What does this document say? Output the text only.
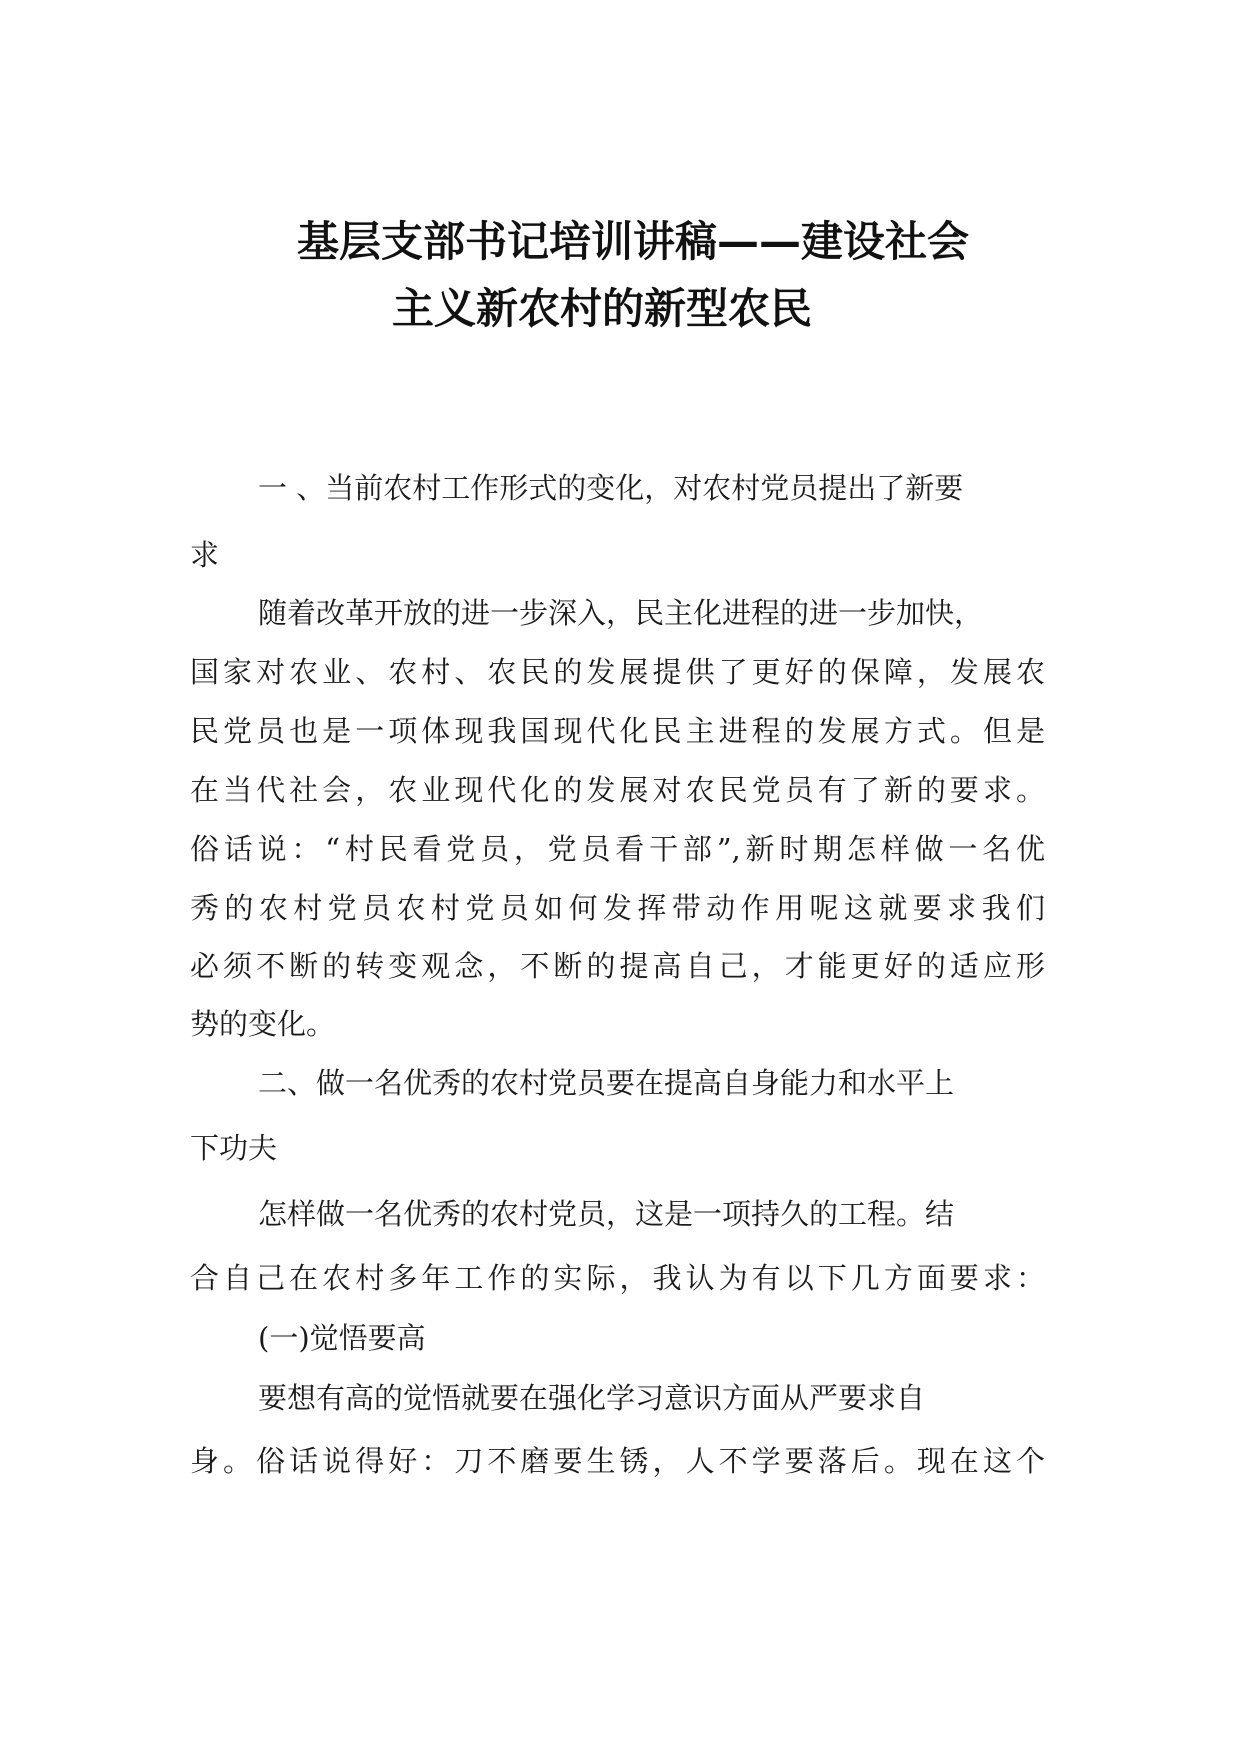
基层支部书记培训讲稿——建设社会
主义新农村的新型农民
一 、当前农村工作形式的变化，对农村党员提出了新要
求
随着改革开放的进一步深入，民主化进程的进一步加快，
国家对农业、农村、农民的发展提供了更好的保障，发展农
民党员也是一项体现我国现代化民主进程的发展方式。但是
在当代社会，农业现代化的发展对农民党员有了新的要求。
俗话说：“村民看党员，党员看干部”,新时期怎样做一名优
秀的农村党员农村党员如何发挥带动作用呢这就要求我们
必须不断的转变观念，不断的提高自己，才能更好的适应形
势的变化。
二、做一名优秀的农村党员要在提高自身能力和水平上
下功夫
怎样做一名优秀的农村党员，这是一项持久的工程。结
合自己在农村多年工作的实际，我认为有以下几方面要求：
(一)觉悟要高
要想有高的觉悟就要在强化学习意识方面从严要求自
身。俗话说得好：刀不磨要生锈，人不学要落后。现在这个
